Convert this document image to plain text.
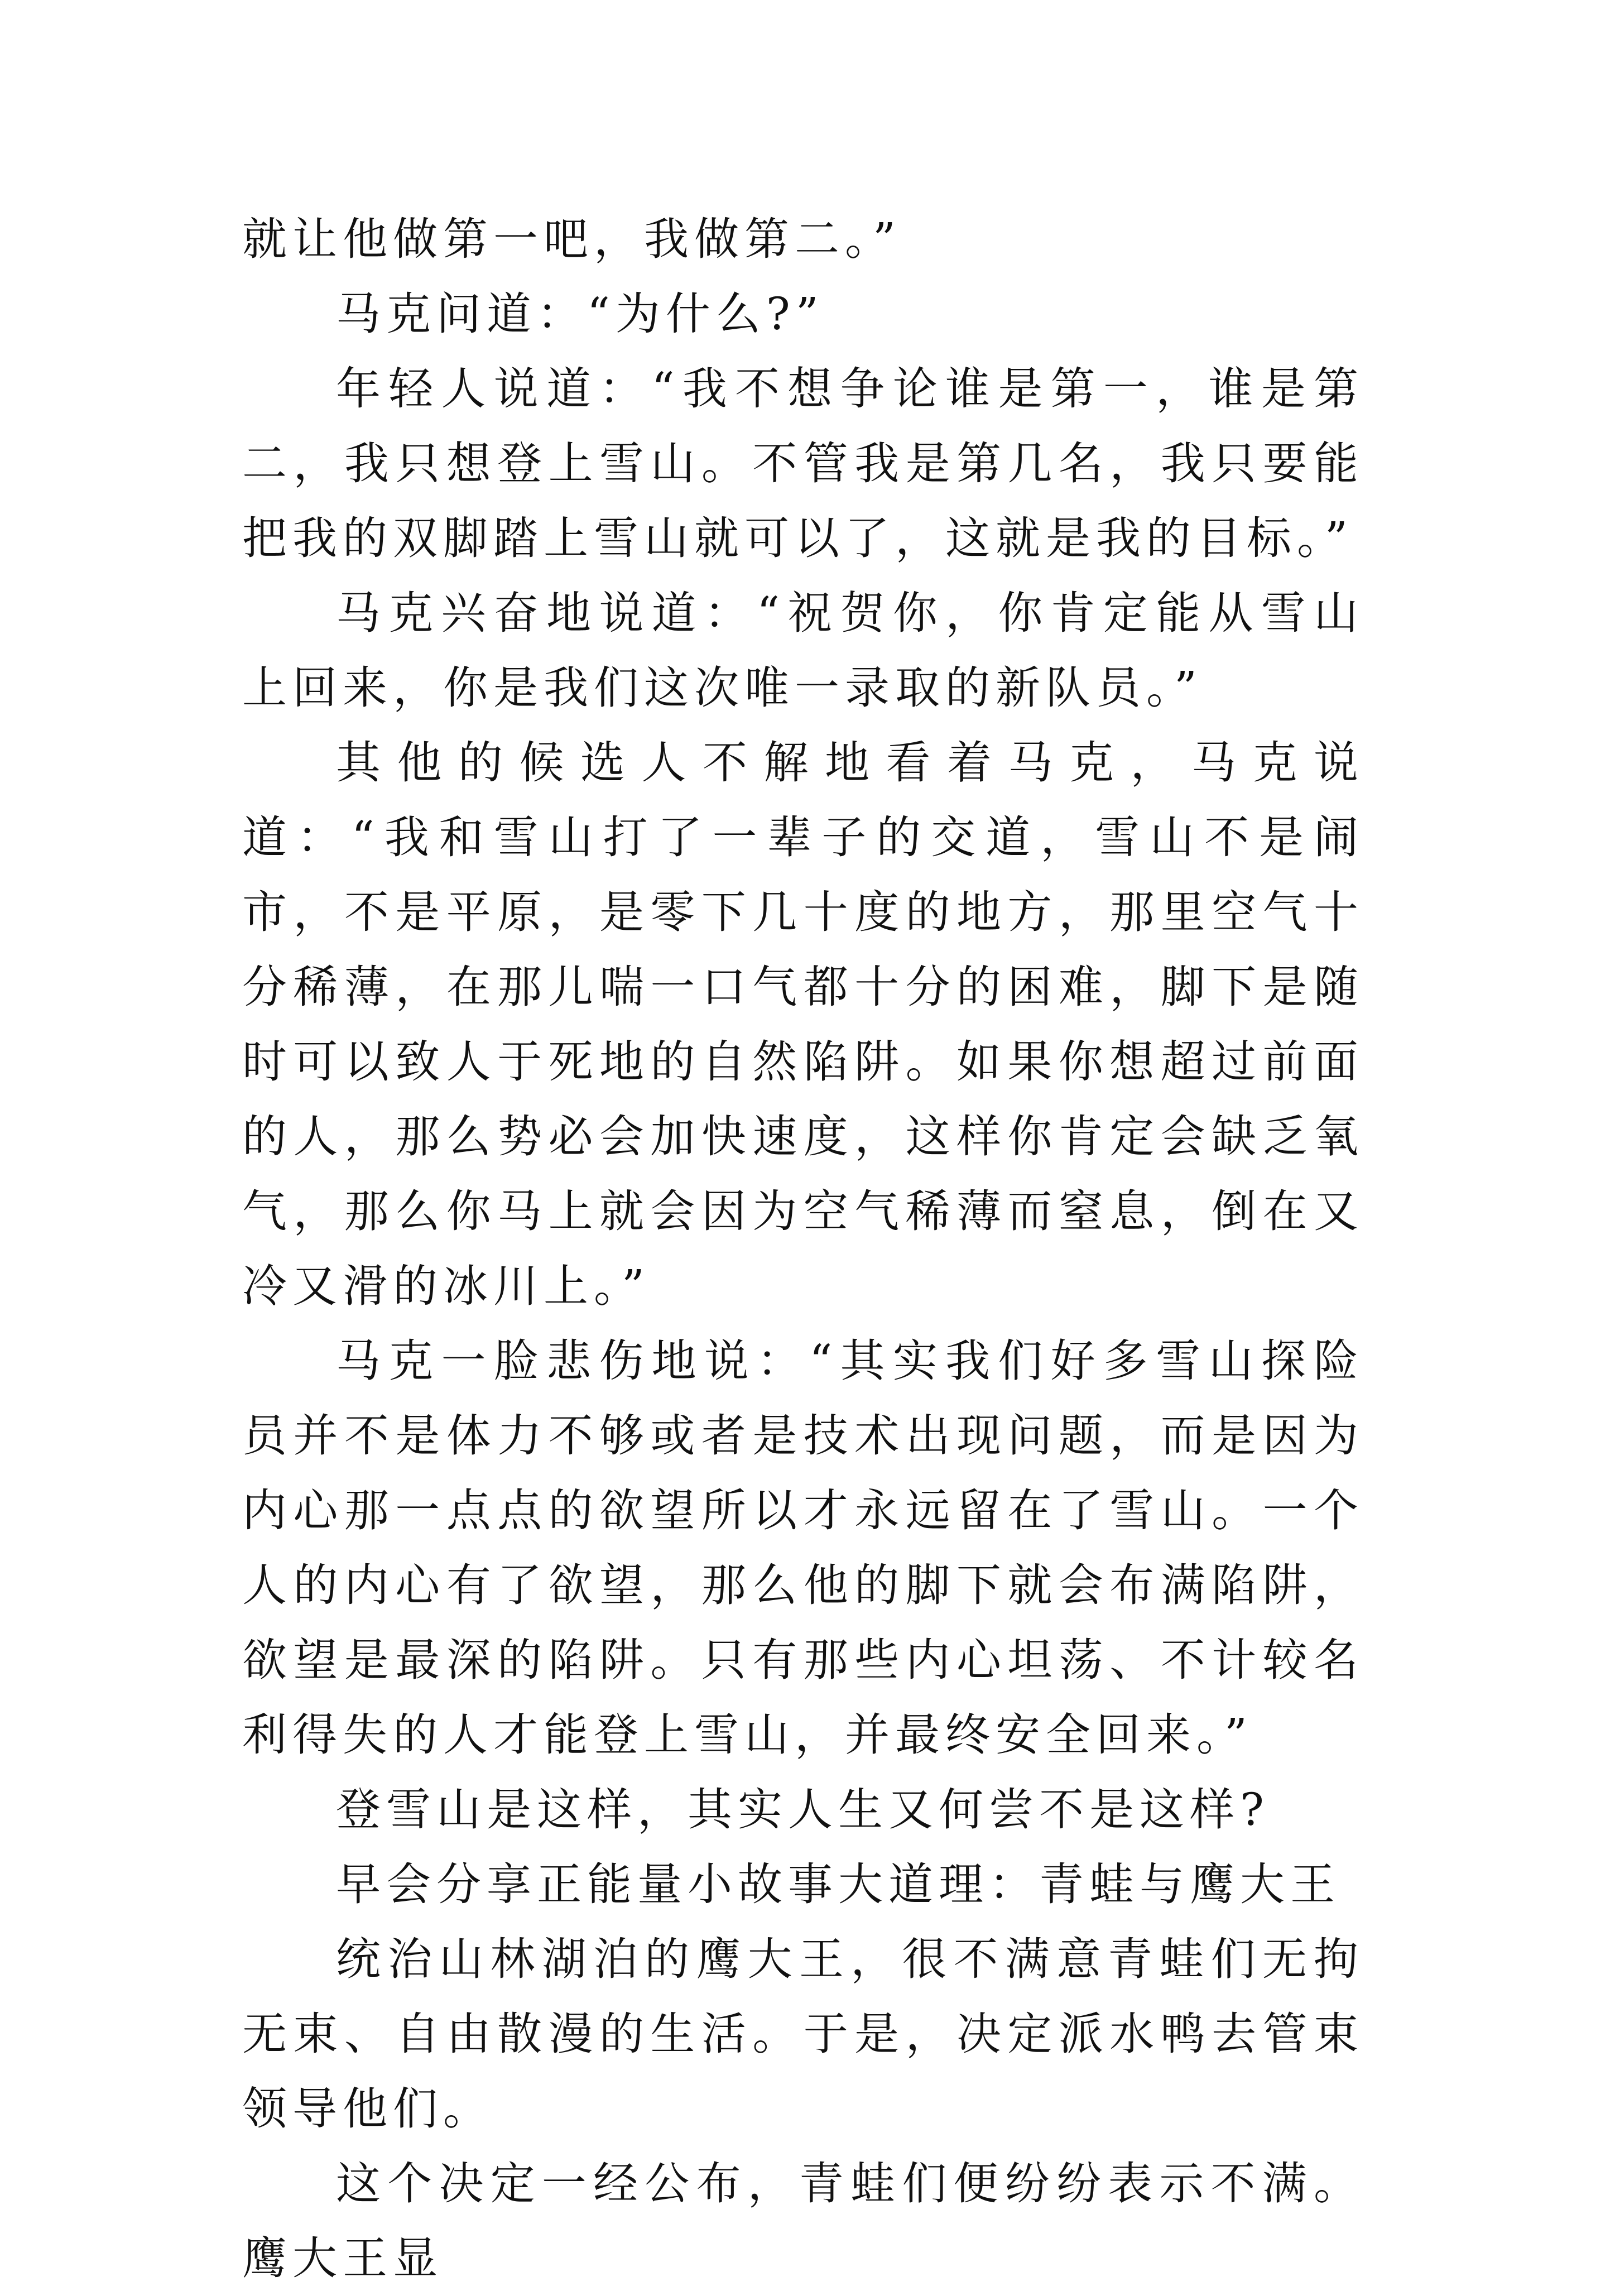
就让他做第一吧，我做第二。”

马克问道：“为什么?”

年轻人说道：“我不想争论谁是第一，谁是第二，我只想登上雪山。不管我是第几名，我只要能把我的双脚踏上雪山就可以了，这就是我的目标。”

马克兴奋地说道：“祝贺你，你肯定能从雪山上回来，你是我们这次唯一录取的新队员。”

其他的候选人不解地看着马克，马克说道：“我和雪山打了一辈子的交道，雪山不是闹市，不是平原，是零下几十度的地方，那里空气十分稀薄，在那儿喘一口气都十分的困难，脚下是随时可以致人于死地的自然陷阱。如果你想超过前面的人，那么势必会加快速度，这样你肯定会缺乏氧气，那么你马上就会因为空气稀薄而窒息，倒在又冷又滑的冰川上。”

马克一脸悲伤地说：“其实我们好多雪山探险员并不是体力不够或者是技术出现问题，而是因为内心那一点点的欲望所以才永远留在了雪山。一个人的内心有了欲望，那么他的脚下就会布满陷阱，欲望是最深的陷阱。只有那些内心坦荡、不计较名利得失的人才能登上雪山，并最终安全回来。”

登雪山是这样，其实人生又何尝不是这样?

早会分享正能量小故事大道理：青蛙与鹰大王

统治山林湖泊的鹰大王，很不满意青蛙们无拘无束、自由散漫的生活。于是，决定派水鸭去管束领导他们。

这个决定一经公布，青蛙们便纷纷表示不满。鹰大王显
